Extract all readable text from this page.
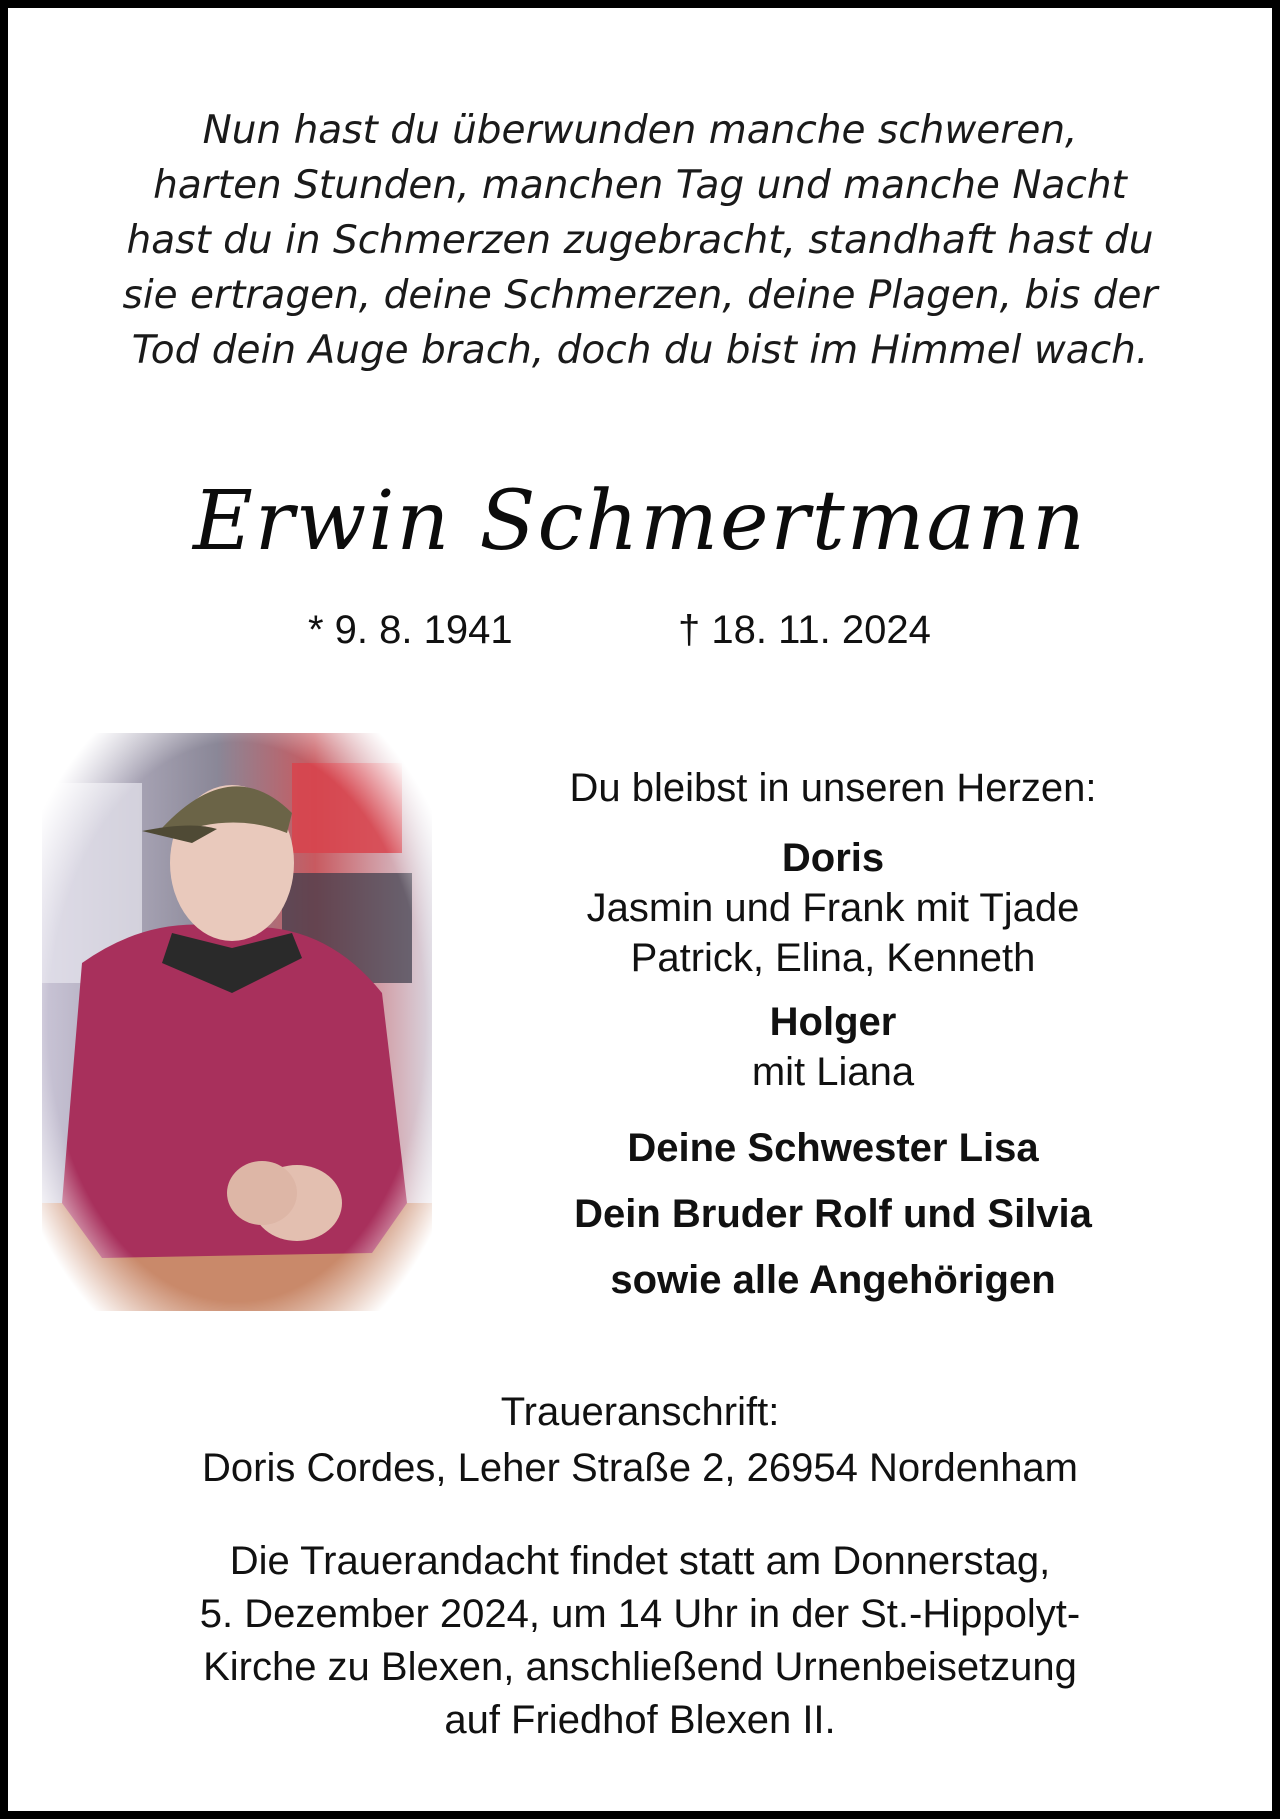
Nun hast du überwunden manche schweren,
harten Stunden, manchen Tag und manche Nacht
hast du in Schmerzen zugebracht, standhaft hast du
sie ertragen, deine Schmerzen, deine Plagen, bis der
Tod dein Auge brach, doch du bist im Himmel wach.
Erwin Schmertmann
* 9. 8. 1941	† 18. 11. 2024
Du bleibst in unseren Herzen:
Doris
Jasmin und Frank mit Tjade
Patrick, Elina, Kenneth
Holger
mit Liana
Deine Schwester Lisa
Dein Bruder Rolf und Silvia
sowie alle Angehörigen
Traueranschrift:
Doris Cordes, Leher Straße 2, 26954 Nordenham
Die Trauerandacht findet statt am Donnerstag,
5. Dezember 2024, um 14 Uhr in der St.-Hippolyt-
Kirche zu Blexen, anschließend Urnenbeisetzung
auf Friedhof Blexen II.
